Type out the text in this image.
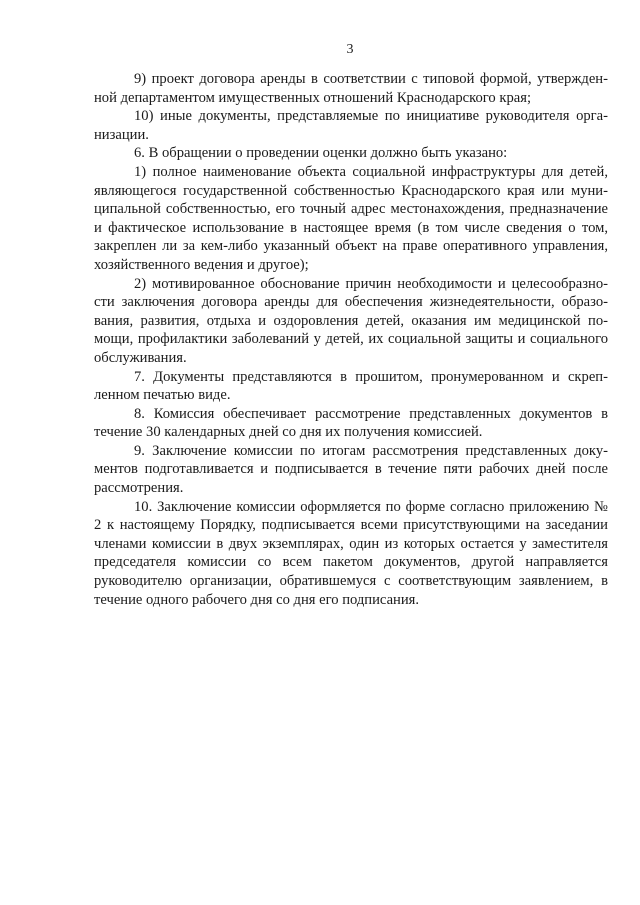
3

9) проект договора аренды в соответствии с типовой формой, утвержденной департаментом имущественных отношений Краснодарского края;

10) иные документы, представляемые по инициативе руководителя организации.

6. В обращении о проведении оценки должно быть указано:

1) полное наименование объекта социальной инфраструктуры для детей, являющегося государственной собственностью Краснодарского края или муниципальной собственностью, его точный адрес местонахождения, предназначение и фактическое использование в настоящее время (в том числе сведения о том, закреплен ли за кем-либо указанный объект на праве оперативного управления, хозяйственного ведения и другое);

2) мотивированное обоснование причин необходимости и целесообразности заключения договора аренды для обеспечения жизнедеятельности, образования, развития, отдыха и оздоровления детей, оказания им медицинской помощи, профилактики заболеваний у детей, их социальной защиты и социального обслуживания.

7. Документы представляются в прошитом, пронумерованном и скрепленном печатью виде.

8. Комиссия обеспечивает рассмотрение представленных документов в течение 30 календарных дней со дня их получения комиссией.

9. Заключение комиссии по итогам рассмотрения представленных документов подготавливается и подписывается в течение пяти рабочих дней после рассмотрения.

10. Заключение комиссии оформляется по форме согласно приложению № 2 к настоящему Порядку, подписывается всеми присутствующими на заседании членами комиссии в двух экземплярах, один из которых остается у заместителя председателя комиссии со всем пакетом документов, другой направляется руководителю организации, обратившемуся с соответствующим заявлением, в течение одного рабочего дня со дня его подписания.
